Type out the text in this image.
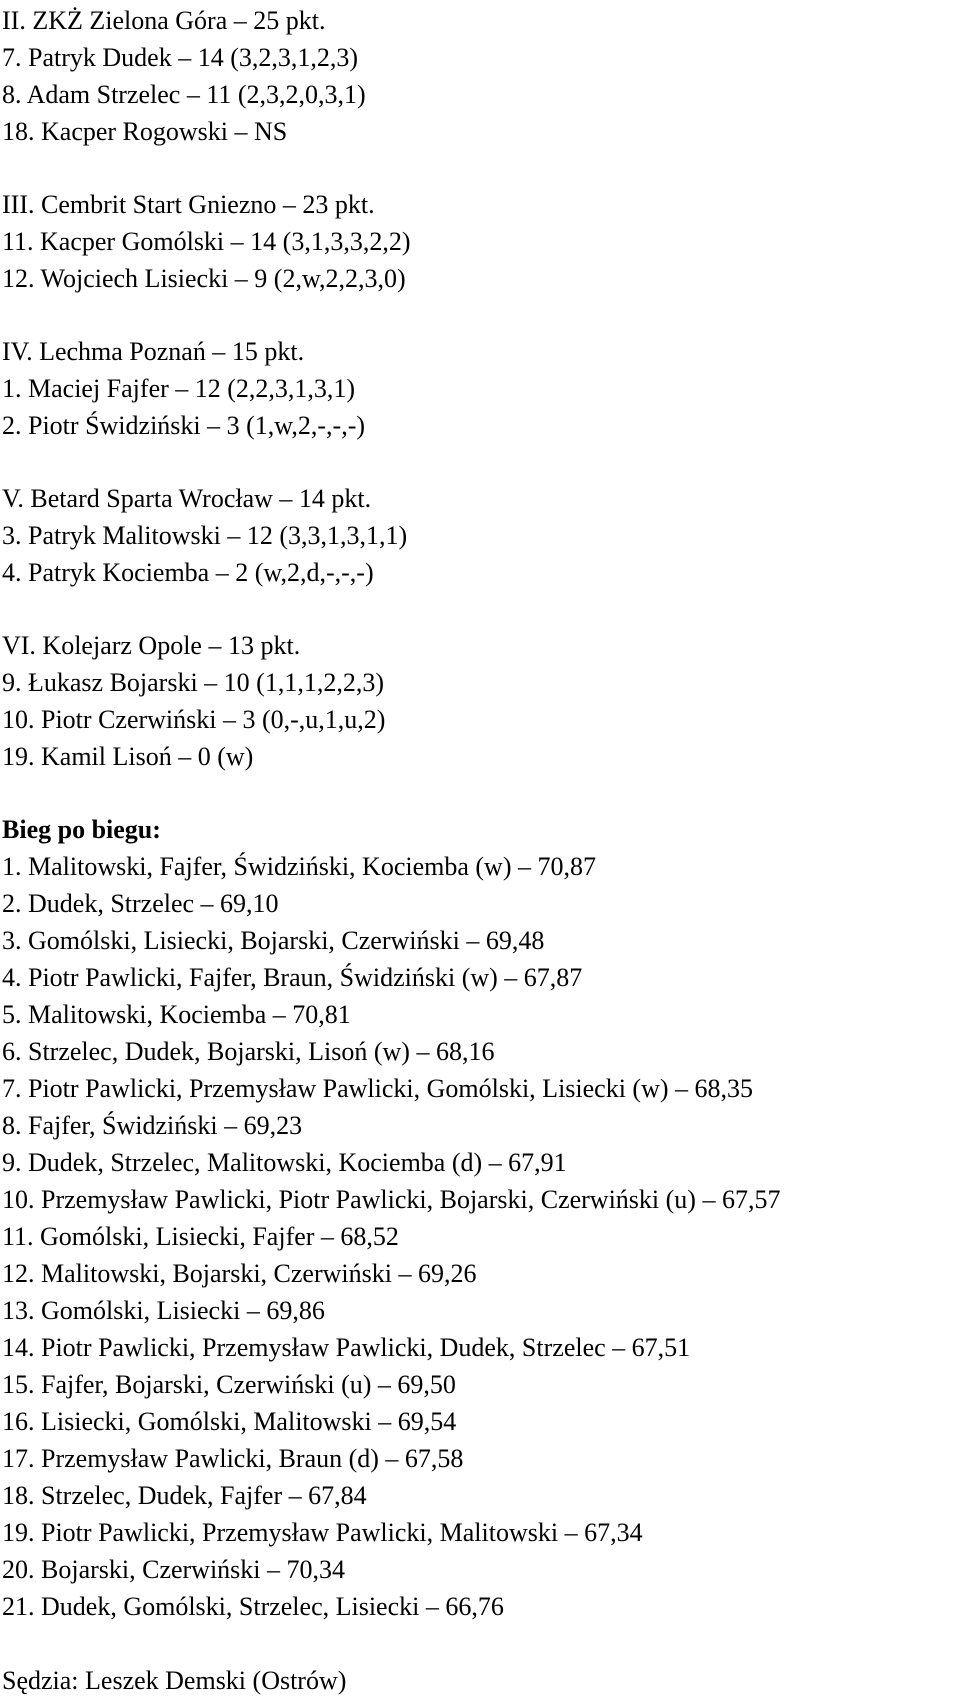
II. ZKŻ Zielona Góra – 25 pkt.
7. Patryk Dudek – 14 (3,2,3,1,2,3)
8. Adam Strzelec – 11 (2,3,2,0,3,1)
18. Kacper Rogowski – NS
III. Cembrit Start Gniezno – 23 pkt.
11. Kacper Gomólski – 14 (3,1,3,3,2,2)
12. Wojciech Lisiecki – 9 (2,w,2,2,3,0)
IV. Lechma Poznań – 15 pkt.
1. Maciej Fajfer – 12 (2,2,3,1,3,1)
2. Piotr Świdziński – 3 (1,w,2,-,-,-)
V. Betard Sparta Wrocław – 14 pkt.
3. Patryk Malitowski – 12 (3,3,1,3,1,1)
4. Patryk Kociemba – 2 (w,2,d,-,-,-)
VI. Kolejarz Opole – 13 pkt.
9. Łukasz Bojarski – 10 (1,1,1,2,2,3)
10. Piotr Czerwiński – 3 (0,-,u,1,u,2)
19. Kamil Lisoń – 0 (w)
Bieg po biegu:
1. Malitowski, Fajfer, Świdziński, Kociemba (w) – 70,87
2. Dudek, Strzelec – 69,10
3. Gomólski, Lisiecki, Bojarski, Czerwiński – 69,48
4. Piotr Pawlicki, Fajfer, Braun, Świdziński (w) – 67,87
5. Malitowski, Kociemba – 70,81
6. Strzelec, Dudek, Bojarski, Lisoń (w) – 68,16
7. Piotr Pawlicki, Przemysław Pawlicki, Gomólski, Lisiecki (w) – 68,35
8. Fajfer, Świdziński – 69,23
9. Dudek, Strzelec, Malitowski, Kociemba (d) – 67,91
10. Przemysław Pawlicki, Piotr Pawlicki, Bojarski, Czerwiński (u) – 67,57
11. Gomólski, Lisiecki, Fajfer – 68,52
12. Malitowski, Bojarski, Czerwiński – 69,26
13. Gomólski, Lisiecki – 69,86
14. Piotr Pawlicki, Przemysław Pawlicki, Dudek, Strzelec – 67,51
15. Fajfer, Bojarski, Czerwiński (u) – 69,50
16. Lisiecki, Gomólski, Malitowski – 69,54
17. Przemysław Pawlicki, Braun (d) – 67,58
18. Strzelec, Dudek, Fajfer – 67,84
19. Piotr Pawlicki, Przemysław Pawlicki, Malitowski – 67,34
20. Bojarski, Czerwiński – 70,34
21. Dudek, Gomólski, Strzelec, Lisiecki – 66,76
Sędzia: Leszek Demski (Ostrów)
